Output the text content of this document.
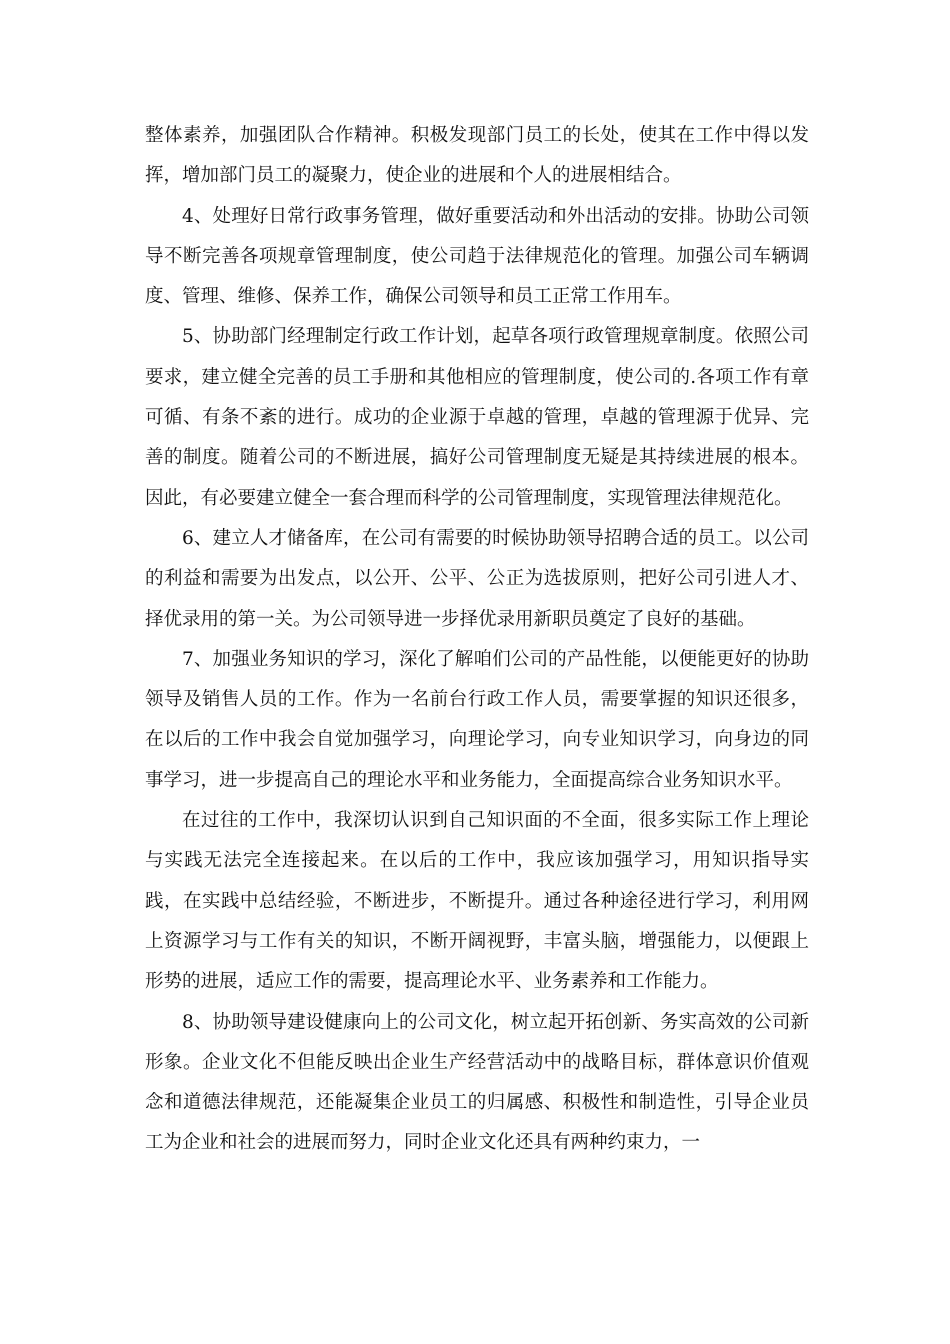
整体素养，加强团队合作精神。积极发现部门员工的长处，使其在工作中得以发挥，增加部门员工的凝聚力，使企业的进展和个人的进展相结合。

4、处理好日常行政事务管理，做好重要活动和外出活动的安排。协助公司领导不断完善各项规章管理制度，使公司趋于法律规范化的管理。加强公司车辆调度、管理、维修、保养工作，确保公司领导和员工正常工作用车。

5、协助部门经理制定行政工作计划，起草各项行政管理规章制度。依照公司要求，建立健全完善的员工手册和其他相应的管理制度，使公司的.各项工作有章可循、有条不紊的进行。成功的企业源于卓越的管理，卓越的管理源于优异、完善的制度。随着公司的不断进展，搞好公司管理制度无疑是其持续进展的根本。因此，有必要建立健全一套合理而科学的公司管理制度，实现管理法律规范化。

6、建立人才储备库，在公司有需要的时候协助领导招聘合适的员工。以公司的利益和需要为出发点，以公开、公平、公正为选拔原则，把好公司引进人才、择优录用的第一关。为公司领导进一步择优录用新职员奠定了良好的基础。

7、加强业务知识的学习，深化了解咱们公司的产品性能，以便能更好的协助领导及销售人员的工作。作为一名前台行政工作人员，需要掌握的知识还很多，在以后的工作中我会自觉加强学习，向理论学习，向专业知识学习，向身边的同事学习，进一步提高自己的理论水平和业务能力，全面提高综合业务知识水平。

在过往的工作中，我深切认识到自己知识面的不全面，很多实际工作上理论与实践无法完全连接起来。在以后的工作中，我应该加强学习，用知识指导实践，在实践中总结经验，不断进步，不断提升。通过各种途径进行学习，利用网上资源学习与工作有关的知识，不断开阔视野，丰富头脑，增强能力，以便跟上形势的进展，适应工作的需要，提高理论水平、业务素养和工作能力。

8、协助领导建设健康向上的公司文化，树立起开拓创新、务实高效的公司新形象。企业文化不但能反映出企业生产经营活动中的战略目标，群体意识价值观念和道德法律规范，还能凝集企业员工的归属感、积极性和制造性，引导企业员工为企业和社会的进展而努力，同时企业文化还具有两种约束力，一
